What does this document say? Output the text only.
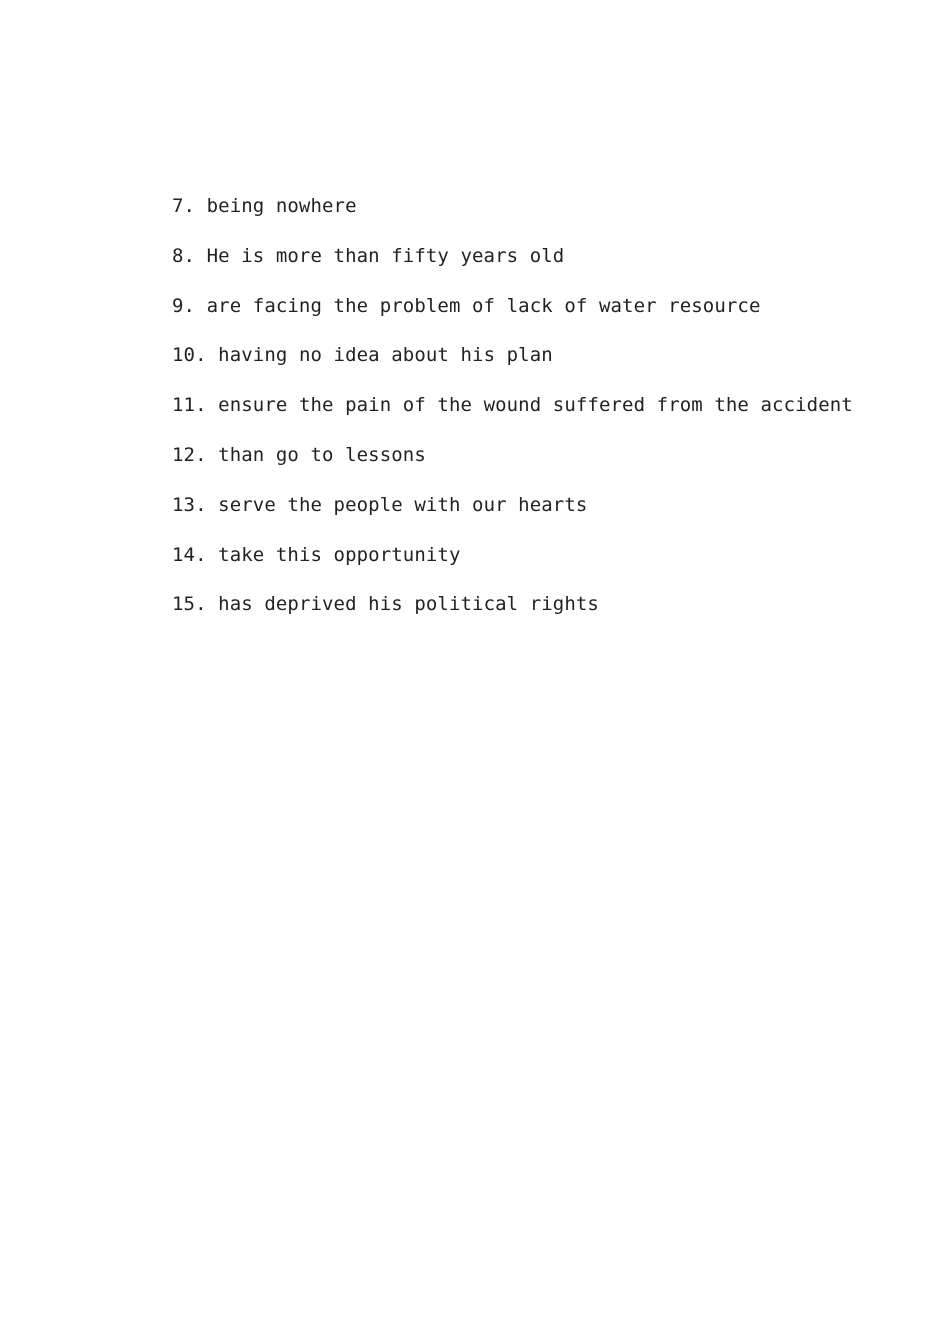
7. being nowhere
8. He is more than fifty years old
9. are facing the problem of lack of water resource
10. having no idea about his plan
11. ensure the pain of the wound suffered from the accident
12. than go to lessons
13. serve the people with our hearts
14. take this opportunity
15. has deprived his political rights
